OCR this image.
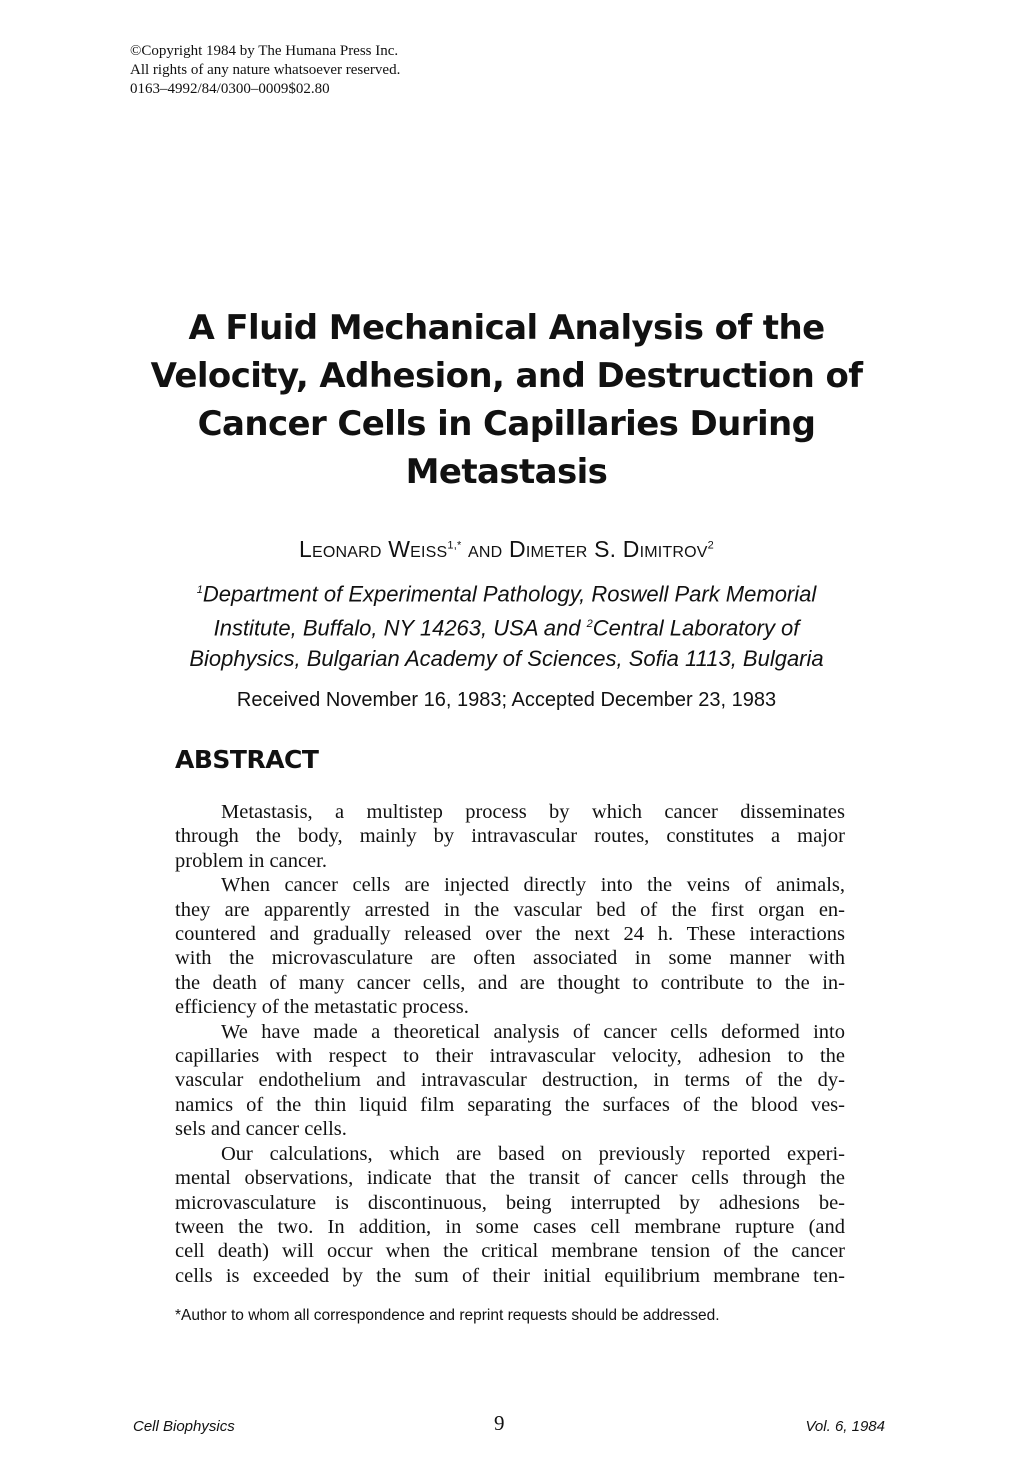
©Copyright 1984 by The Humana Press Inc.
All rights of any nature whatsoever reserved.
0163–4992/84/0300–0009$02.80
A Fluid Mechanical Analysis of the
Velocity, Adhesion, and Destruction of
Cancer Cells in Capillaries During
Metastasis
Leonard Weiss$^{1,*}$ and Dimeter S. Dimitrov$^2$
$^1$Department of Experimental Pathology, Roswell Park Memorial
Institute, Buffalo, NY 14263, USA and $^2$Central Laboratory of
Biophysics, Bulgarian Academy of Sciences, Sofia 1113, Bulgaria
Received November 16, 1983; Accepted December 23, 1983
ABSTRACT
Metastasis, a multistep process by which cancer disseminates
through the body, mainly by intravascular routes, constitutes a major
problem in cancer.
When cancer cells are injected directly into the veins of animals,
they are apparently arrested in the vascular bed of the first organ en-
countered and gradually released over the next 24 h. These interactions
with the microvasculature are often associated in some manner with
the death of many cancer cells, and are thought to contribute to the in-
efficiency of the metastatic process.
We have made a theoretical analysis of cancer cells deformed into
capillaries with respect to their intravascular velocity, adhesion to the
vascular endothelium and intravascular destruction, in terms of the dy-
namics of the thin liquid film separating the surfaces of the blood ves-
sels and cancer cells.
Our calculations, which are based on previously reported experi-
mental observations, indicate that the transit of cancer cells through the
microvasculature is discontinuous, being interrupted by adhesions be-
tween the two. In addition, in some cases cell membrane rupture (and
cell death) will occur when the critical membrane tension of the cancer
cells is exceeded by the sum of their initial equilibrium membrane ten-
*Author to whom all correspondence and reprint requests should be addressed.
Cell Biophysics	9	Vol. 6, 1984
